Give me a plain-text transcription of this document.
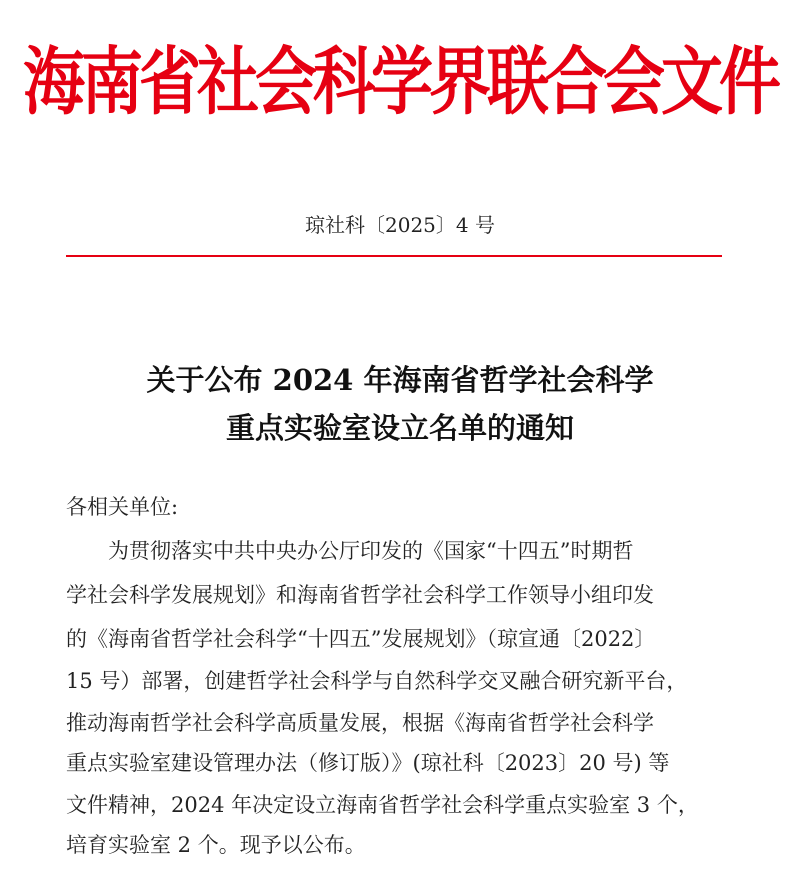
海南省社会科学界联合会文件
琼社科〔2025〕4 号
关于公布 2024 年海南省哲学社会科学
重点实验室设立名单的通知
各相关单位:
为贯彻落实中共中央办公厅印发的《国家“十四五”时期哲
学社会科学发展规划》和海南省哲学社会科学工作领导小组印发
的《海南省哲学社会科学“十四五”发展规划》（琼宣通〔2022〕
15 号）部署，创建哲学社会科学与自然科学交叉融合研究新平台，
推动海南哲学社会科学高质量发展，根据《海南省哲学社会科学
重点实验室建设管理办法（修订版）》(琼社科〔2023〕20 号) 等
文件精神，2024 年决定设立海南省哲学社会科学重点实验室 3 个，
培育实验室 2 个。现予以公布。
